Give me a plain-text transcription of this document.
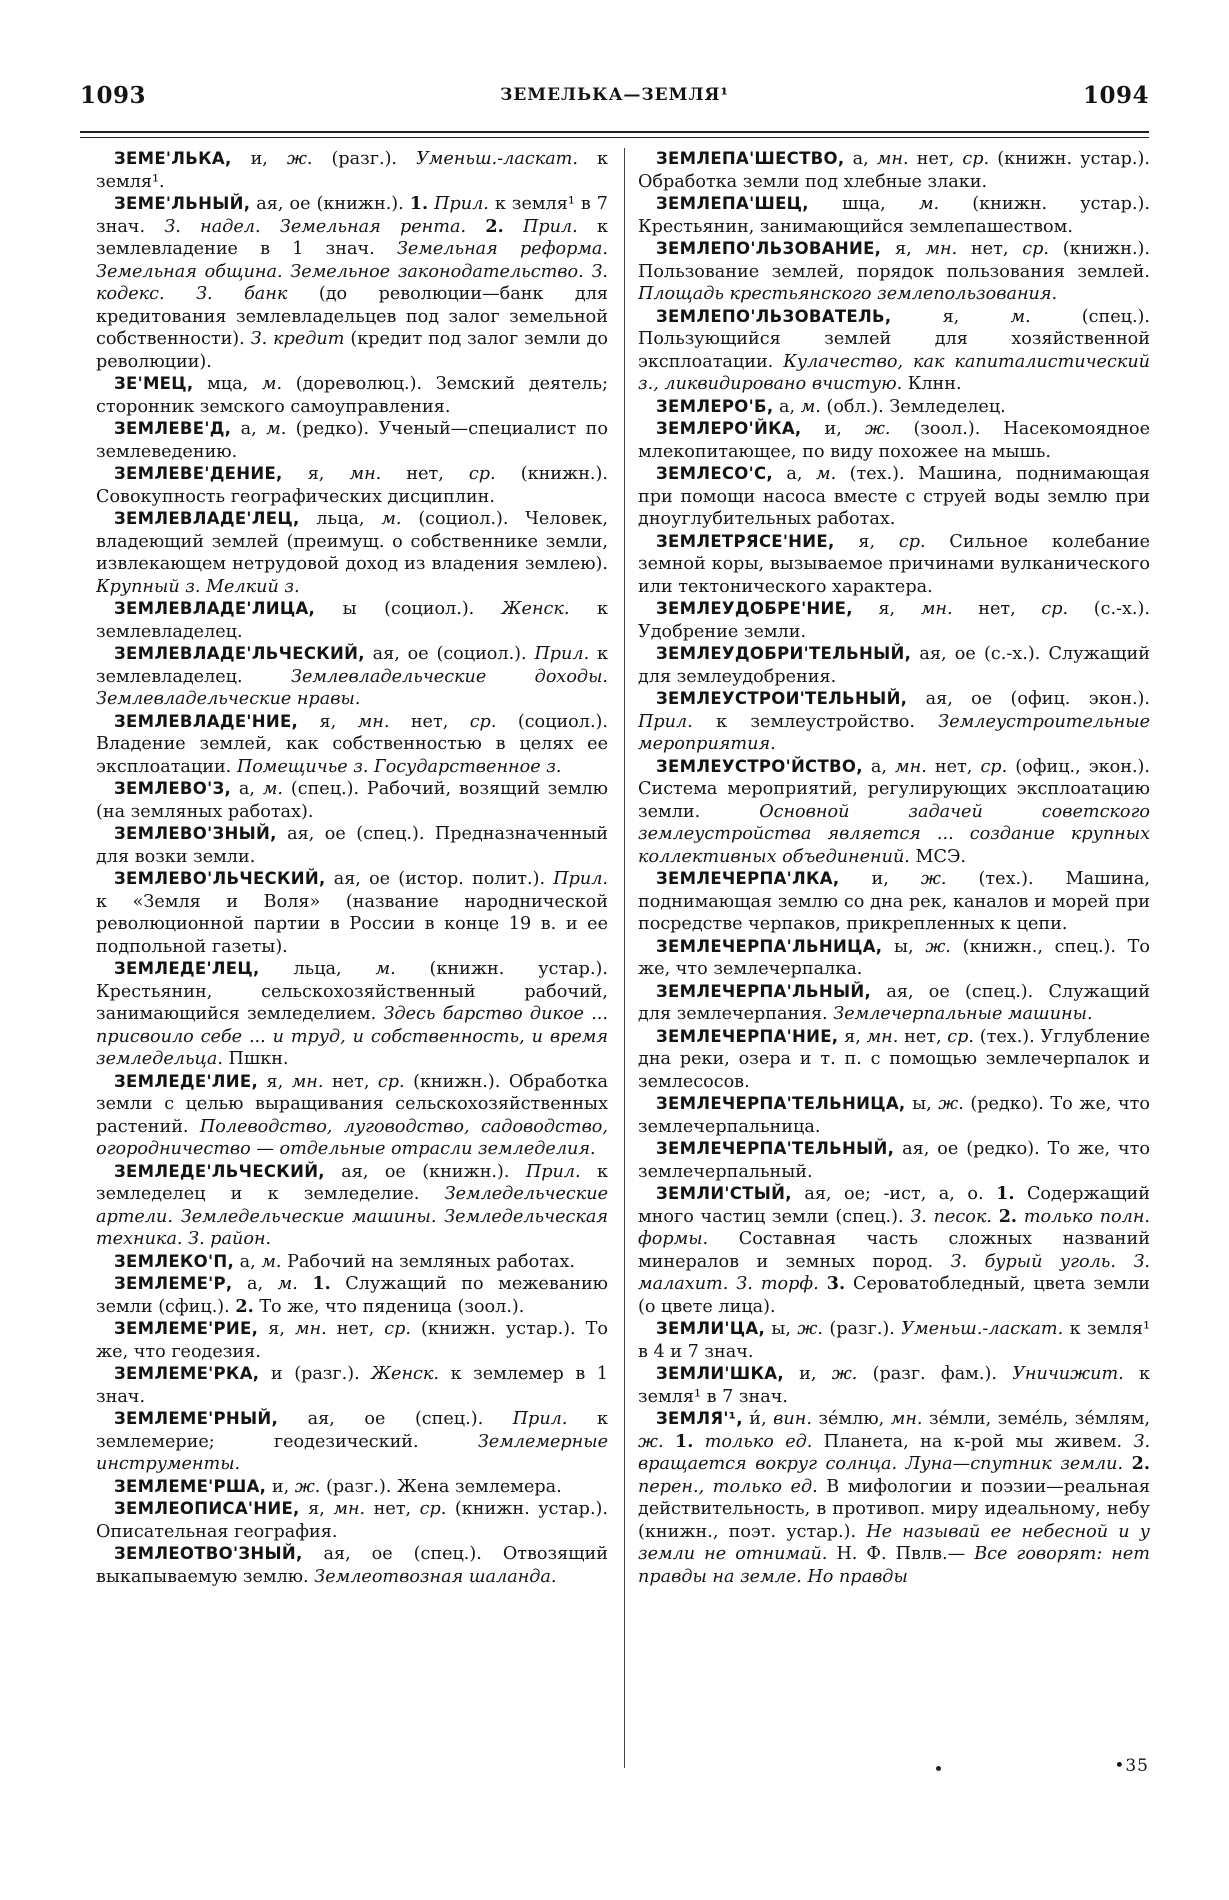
1093	ЗЕМЕЛЬКА—ЗЕМЛЯ¹	1094

ЗЕМЕ'ЛЬКА, и, ж. (разг.). Уменьш.-ласкат. к земля¹.

ЗЕМЕ'ЛЬНЫЙ, ая, ое (книжн.). 1. Прил. к земля¹ в 7 знач. З. надел. Земельная рента. 2. Прил. к землевладение в 1 знач. Земельная реформа. Земельная община. Земельное законодательство. З. кодекс. З. банк (до революции—банк для кредитования землевладельцев под залог земельной собственности). З. кредит (кредит под залог земли до революции).

ЗЕ'МЕЦ, мца, м. (дореволюц.). Земский деятель; сторонник земского самоуправления.

ЗЕМЛЕВЕ'Д, а, м. (редко). Ученый—специалист по землеведению.

ЗЕМЛЕВЕ'ДЕНИЕ, я, мн. нет, ср. (книжн.). Совокупность географических дисциплин.

ЗЕМЛЕВЛАДЕ'ЛЕЦ, льца, м. (социол.). Человек, владеющий землей (преимущ. о собственнике земли, извлекающем нетрудовой доход из владения землею). Крупный з. Мелкий з.

ЗЕМЛЕВЛАДЕ'ЛИЦА, ы (социол.). Женск. к землевладелец.

ЗЕМЛЕВЛАДЕ'ЛЬЧЕСКИЙ, ая, ое (социол.). Прил. к землевладелец. Землевладельческие доходы. Землевладельческие нравы.

ЗЕМЛЕВЛАДЕ'НИЕ, я, мн. нет, ср. (социол.). Владение землей, как собственностью в целях ее эксплоатации. Помещичье з. Государственное з.

ЗЕМЛЕВО'З, а, м. (спец.). Рабочий, возящий землю (на земляных работах).

ЗЕМЛЕВО'ЗНЫЙ, ая, ое (спец.). Предназначенный для возки земли.

ЗЕМЛЕВО'ЛЬЧЕСКИЙ, ая, ое (истор. полит.). Прил. к «Земля и Воля» (название народнической революционной партии в России в конце 19 в. и ее подпольной газеты).

ЗЕМЛЕДЕ'ЛЕЦ, льца, м. (книжн. устар.). Крестьянин, сельскохозяйственный рабочий, занимающийся земледелием. Здесь барство дикое ... присвоило себе ... и труд, и собственность, и время земледельца. Пшкн.

ЗЕМЛЕДЕ'ЛИЕ, я, мн. нет, ср. (книжн.). Обработка земли с целью выращивания сельскохозяйственных растений. Полеводство, луговодство, садоводство, огородничество — отдельные отрасли земледелия.

ЗЕМЛЕДЕ'ЛЬЧЕСКИЙ, ая, ое (книжн.). Прил. к земледелец и к земледелие. Земледельческие артели. Земледельческие машины. Земледельческая техника. З. район.

ЗЕМЛЕКО'П, а, м. Рабочий на земляных работах.

ЗЕМЛЕМЕ'Р, а, м. 1. Служащий по межеванию земли (сфиц.). 2. То же, что пяденица (зоол.).

ЗЕМЛЕМЕ'РИЕ, я, мн. нет, ср. (книжн. устар.). То же, что геодезия.

ЗЕМЛЕМЕ'РКА, и (разг.). Женск. к землемер в 1 знач.

ЗЕМЛЕМЕ'РНЫЙ, ая, ое (спец.). Прил. к землемерие; геодезический. Землемерные инструменты.

ЗЕМЛЕМЕ'РША, и, ж. (разг.). Жена землемера.

ЗЕМЛЕОПИСА'НИЕ, я, мн. нет, ср. (книжн. устар.). Описательная география.

ЗЕМЛЕОТВО'ЗНЫЙ, ая, ое (спец.). Отвозящий выкапываемую землю. Землеотвозная шаланда.

ЗЕМЛЕПА'ШЕСТВО, а, мн. нет, ср. (книжн. устар.). Обработка земли под хлебные злаки.

ЗЕМЛЕПА'ШЕЦ, шца, м. (книжн. устар.). Крестьянин, занимающийся землепашеством.

ЗЕМЛЕПО'ЛЬЗОВАНИЕ, я, мн. нет, ср. (книжн.). Пользование землей, порядок пользования землей. Площадь крестьянского землепользования.

ЗЕМЛЕПО'ЛЬЗОВАТЕЛЬ, я, м. (спец.). Пользующийся землей для хозяйственной эксплоатации. Кулачество, как капиталистический з., ликвидировано вчистую. Клнн.

ЗЕМЛЕРО'Б, а, м. (обл.). Земледелец.

ЗЕМЛЕРО'ЙКА, и, ж. (зоол.). Насекомоядное млекопитающее, по виду похожее на мышь.

ЗЕМЛЕСО'С, а, м. (тех.). Машина, поднимающая при помощи насоса вместе с струей воды землю при дноуглубительных работах.

ЗЕМЛЕТРЯСЕ'НИЕ, я, ср. Сильное колебание земной коры, вызываемое причинами вулканического или тектонического характера.

ЗЕМЛЕУДОБРЕ'НИЕ, я, мн. нет, ср. (с.-х.). Удобрение земли.

ЗЕМЛЕУДОБРИ'ТЕЛЬНЫЙ, ая, ое (с.-х.). Служащий для землеудобрения.

ЗЕМЛЕУСТРОИ'ТЕЛЬНЫЙ, ая, ое (офиц. экон.). Прил. к землеустройство. Землеустроительные мероприятия.

ЗЕМЛЕУСТРО'ЙСТВО, а, мн. нет, ср. (офиц., экон.). Система мероприятий, регулирующих эксплоатацию земли. Основной задачей советского землеустройства является ... создание крупных коллективных объединений. МСЭ.

ЗЕМЛЕЧЕРПА'ЛКА, и, ж. (тех.). Машина, поднимающая землю со дна рек, каналов и морей при посредстве черпаков, прикрепленных к цепи.

ЗЕМЛЕЧЕРПА'ЛЬНИЦА, ы, ж. (книжн., спец.). То же, что землечерпалка.

ЗЕМЛЕЧЕРПА'ЛЬНЫЙ, ая, ое (спец.). Служащий для землечерпания. Землечерпальные машины.

ЗЕМЛЕЧЕРПА'НИЕ, я, мн. нет, ср. (тех.). Углубление дна реки, озера и т. п. с помощью землечерпалок и землесосов.

ЗЕМЛЕЧЕРПА'ТЕЛЬНИЦА, ы, ж. (редко). То же, что землечерпальница.

ЗЕМЛЕЧЕРПА'ТЕЛЬНЫЙ, ая, ое (редко). То же, что землечерпальный.

ЗЕМЛИ'СТЫЙ, ая, ое; -ист, а, о. 1. Содержащий много частиц земли (спец.). З. песок. 2. только полн. формы. Составная часть сложных названий минералов и земных пород. З. бурый уголь. З. малахит. З. торф. 3. Сероватобледный, цвета земли (о цвете лица).

ЗЕМЛИ'ЦА, ы, ж. (разг.). Уменьш.-ласкат. к земля¹ в 4 и 7 знач.

ЗЕМЛИ'ШКА, и, ж. (разг. фам.). Уничижит. к земля¹ в 7 знач.

ЗЕМЛЯ'¹, и́, вин. зе́млю, мн. зе́мли, земе́ль, зе́млям, ж. 1. только ед. Планета, на к-рой мы живем. З. вращается вокруг солнца. Луна—спутник земли. 2. перен., только ед. В мифологии и поэзии—реальная действительность, в противоп. миру идеальному, небу (книжн., поэт. устар.). Не называй ее небесной и у земли не отнимай. Н. Ф. Пвлв.— Все говорят: нет правды на земле. Но правды

•35
